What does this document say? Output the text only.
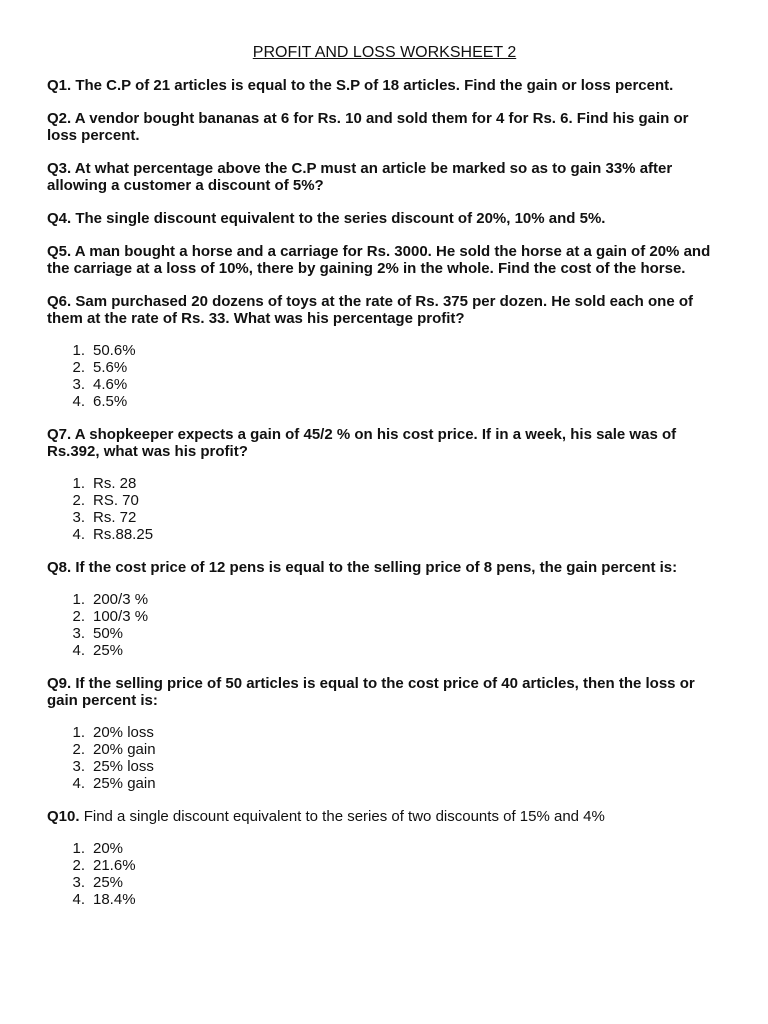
PROFIT AND LOSS WORKSHEET 2
Q1. The C.P of 21 articles is equal to the S.P of 18 articles. Find the gain or loss percent.
Q2. A vendor bought bananas at 6 for Rs. 10 and sold them for 4 for Rs. 6. Find his gain or loss percent.
Q3. At what percentage above the C.P must an article be marked so as to gain 33% after allowing a customer a discount of 5%?
Q4. The single discount equivalent to the series discount of 20%, 10% and 5%.
Q5. A man bought a horse and a carriage for Rs. 3000. He sold the horse at a gain of 20% and the carriage at a loss of 10%, there by gaining 2% in the whole. Find the cost of the horse.
Q6. Sam purchased 20 dozens of toys at the rate of Rs. 375 per dozen. He sold each one of them at the rate of Rs. 33. What was his percentage profit?
1. 50.6%
2. 5.6%
3. 4.6%
4. 6.5%
Q7. A shopkeeper expects a gain of 45/2 % on his cost price. If in a week, his sale was of Rs.392, what was his profit?
1. Rs. 28
2. RS. 70
3. Rs. 72
4. Rs.88.25
Q8. If the cost price of 12 pens is equal to the selling price of 8 pens, the gain percent is:
1. 200/3 %
2. 100/3 %
3. 50%
4. 25%
Q9. If the selling price of 50 articles is equal to the cost price of 40 articles, then the loss or gain percent is:
1. 20% loss
2. 20% gain
3. 25% loss
4. 25% gain
Q10. Find a single discount equivalent to the series of two discounts of 15% and 4%
1. 20%
2. 21.6%
3. 25%
4. 18.4%
